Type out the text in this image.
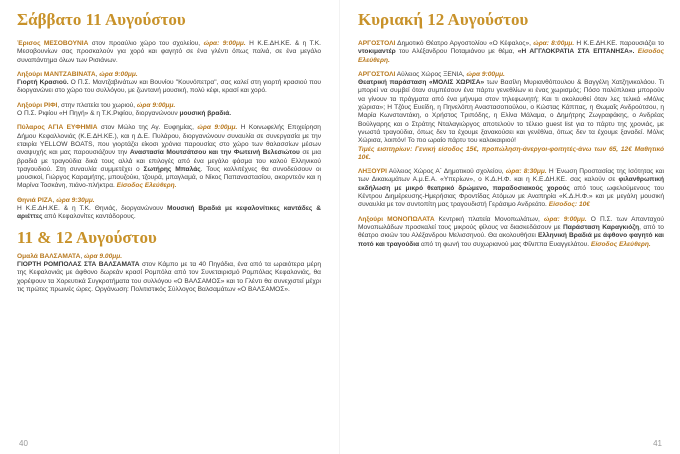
Σάββατο 11 Αυγούστου

Έρισος ΜΕΣΟΒΟΥΝΙΑ στον προαύλιο χώρο του σχολείου, ώρα: 9:00μμ. Η Κ.Ε.ΔΗ.ΚΕ. & η Τ.Κ. Μεσοβουνίων σας προσκαλούν για χορό και φαγητό σε ένα γλέντι όπως παλιά, σε ένα μεγάλο συναπάντημα όλων των Ρισιάνων.

Ληξούρι ΜΑΝΤΖΑΒΙΝΑΤΑ, ώρα 9:00μμ.
Γιορτή Κρασιού. Ο Π.Σ. Μαντζαβινάτων και Βουνίου "Κουνόπετρα", σας καλεί στη γιορτή κρασιού που διοργανώνει στο χώρο του συλλόγου, με ζωντανή μουσική, πολύ κέφι, κρασί και χορό.

Ληξούρι ΡΙΦΙ, στην πλατεία του χωριού, ώρα 9:00μμ.
Ο Π.Σ. Ριφίου «Η Πηγή» & η Τ.Κ.Ριφίου, διοργανώνουν μουσική βραδιά.

Πύλαρος ΑΓΙΑ ΕΥΦΗΜΙΑ στον Μώλο της Αγ. Ευφημίας, ώρα 9:00μμ. Η Κοινωφελής Επιχείρηση Δήμου Κεφαλλονιάς (Κ.Ε.ΔΗ.ΚΕ.), και η Δ.Ε. Πυλάρου, διοργανώνουν συναυλία σε συνεργασία με την εταιρία YELLOW BOATS, που γιορτάζει είκοσι χρόνια παρουσίας στο χώρο των θαλασσίων μέσων αναψυχής και μας παρουσιάζουν την Αναστασία Μουτσάτσου και την Φωτεινή Βελεσιώτου σε μια βραδιά με τραγούδια δικά τους αλλά και επιλογές από ένα μεγάλο φάσμα του καλού Ελληνικού τραγουδιού. Στη συναυλία συμμετέχει ο Σωτήρης Μπαλάς. Τους καλλιτέχνες θα συνοδεύσουν οι μουσικοί, Γιώργος Καραμήτης, μπουζούκι, τζουρά, μπαγλαμά, ο Νίκος Παπαναστασίου, ακορντεόν και η Μαρίνα Τοσκάνη, πιάνο-πλήκτρα. Είσοδος Ελεύθερη.

Θηνιά ΡΙΖΑ, ώρα 9:30μμ.
Η Κ.Ε.ΔΗ.ΚΕ. & η Τ.Κ. Θηνιάς, διοργανώνουν Μουσική Βραδιά με κεφαλονίτικες καντάδες & αριέττες από Κεφαλονίτες καντάδορους.

11 & 12 Αυγούστου

Ομαλά ΒΑΛΣΑΜΑΤΑ, ώρα 9.00μμ.
ΓΙΟΡΤΗ ΡΟΜΠΟΛΑΣ ΣΤΑ ΒΑΛΣΑΜΑΤΑ στον Κάμπο με τα 40 Πηγάδια, ένα από τα ωραιότερα μέρη της Κεφαλονιάς με άφθονο δωρεάν κρασί Ρομπόλα από τον Συνεταιρισμό Ρομπόλας Κεφαλονιάς, θα χορέψουν τα Χορευτικά Συγκροτήματα του συλλόγου «Ο ΒΑΛΣΑΜΟΣ» και το Γλέντι θα συνεχιστεί μέχρι τις πρώτες πρωινές ώρες. Οργάνωση: Πολιτιστικός Σύλλογος Βαλσαμάτων «Ο ΒΑΛΣΑΜΟΣ».

40
Κυριακή 12 Αυγούστου

ΑΡΓΟΣΤΟΛΙ Δημοτικό Θέατρο Αργοστολίου «Ο Κέφαλος», ώρα: 8:00μμ. Η Κ.Ε.ΔΗ.ΚΕ. παρουσιάζει το ντοκιμαντέρ του Αλέξανδρου Ποταμιάνου με θέμα, «Η ΑΓΓΛΟΚΡΑΤΙΑ ΣΤΑ ΕΠΤΑΝΗΣΑ». Είσοδος Ελεύθερη.

ΑΡΓΟΣΤΟΛΙ Αύλειος Χώρος ΞΕΝΙΑ, ώρα 9:00μμ.
Θεατρική παράσταση «ΜΟΛΙΣ ΧΩΡΙΣΑ» των Βασίλη Μυριανθόπουλου & Βαγγέλη Χατζηνικολάου. Τι μπορεί να συμβεί όταν συμπέσουν ένα πάρτυ γενεθλίων κι ένας χωρισμός; Πόσο πολύπλοκα μπορούν να γίνουν τα πράγματα από ένα μήνυμα στον τηλεφωνητή; Και τι ακολουθεί όταν λες τελικά «Μόλις χώρισα»; Η Τζόυς Ευείδη, η Πηνελόπη Αναστασοπούλου, ο Κώστας Κάππας, η Θωμαΐς Ανδρούτσου, η Μαρία Κωνσταντάκη, ο Χρήστος Τριπόδης, η Ελίνα Μάλαμα, ο Δημήτρης Ζωγραφάκης, ο Ανδρέας Βούλγαρης και ο Στράτης Νταλαγιώργος αποτελούν το τέλειο guest list για το πάρτυ της χρονιάς, με γνωστά τραγούδια, όπως δεν τα έχουμε ξανακούσει και γενέθλια, όπως δεν τα έχουμε ξαναδεί. Μόλις Χώρισα, λοιπόν! Το πιο ωραίο πάρτυ του καλοκαιριού!
Τιμές εισιτηρίων: Γενική είσοδος 15€, προπώληση-άνεργοι-φοιτητές-άνω των 65, 12€ Μαθητικό 10€.

ΛΗΞΟΥΡΙ Αύλειος Χώρος Α΄ Δημοτικού σχολείου, ώρα: 8:30μμ. Η Ένωση Προστασίας της Ισότητας και των Δικαιωμάτων Α.μ.Ε.Α. «Υπερίων», ο Κ.Δ.Η.Φ. και η Κ.Ε.ΔΗ.ΚΕ. σας καλούν σε φιλανθρωπική εκδήλωση με μικρό θεατρικό δρώμενο, παραδοσιακούς χορούς από τους ωφελούμενους του Κέντρου Διημέρευσης-Ημερήσιας Φροντίδας Ατόμων με Αναπηρία «Κ.Δ.Η.Φ.» και με μεγάλη μουσική συναυλία με τον συντοπίτη μας τραγουδιστή Γεράσιμο Ανδρεάτο. Είσοδος: 10€

Ληξούρι ΜΟΝΟΠΩΛΑΤΑ Κεντρική πλατεία Μονοπωλάτων, ώρα: 9:00μμ. Ο Π.Σ. των Απανταχού Μονοπωλάδων προσκαλεί τους μικρούς φίλους να διασκεδάσουν με Παράσταση Καραγκιόζη, από το θέατρο σκιών του Αλέξανδρου Μελισσηνού. Θα ακολουθήσει Ελληνική Βραδιά με άφθονο φαγητό και ποτό και τραγούδια από τη φωνή του συχωριανού μας Φίλιππα Ευαγγελάτου. Είσοδος Ελεύθερη.

41
